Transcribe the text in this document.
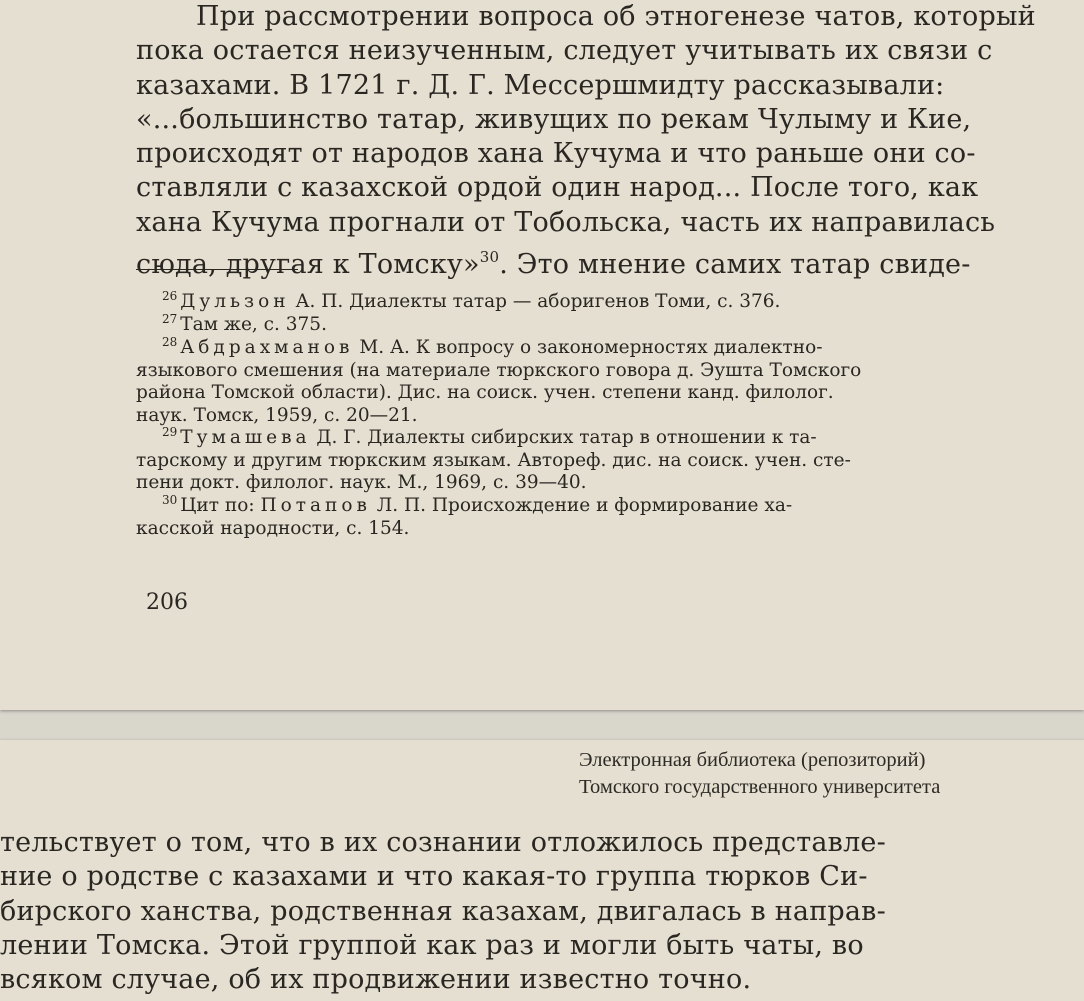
При рассмотрении вопроса об этногенезе чатов, который
пока остается неизученным, следует учитывать их связи с
казахами. В 1721 г. Д. Г. Мессершмидту рассказывали:
«...большинство татар, живущих по рекам Чулыму и Кие,
происходят от народов хана Кучума и что раньше они со-
ставляли с казахской ордой один народ... После того, как
хана Кучума прогнали от Тобольска, часть их направилась
сюда, другая к Томску»$^{30}$. Это мнение самих татар свиде-
$^{26}$ Дульзон А. П. Диалекты татар — аборигенов Томи, с. 376.
$^{27}$ Там же, с. 375.
$^{28}$ Абдрахманов М. А. К вопросу о закономерностях диалектно-
языкового смешения (на материале тюркского говора д. Эушта Томского
района Томской области). Дис. на соиск. учен. степени канд. филолог.
наук. Томск, 1959, с. 20—21.
$^{29}$ Тумашева Д. Г. Диалекты сибирских татар в отношении к та-
тарскому и другим тюркским языкам. Автореф. дис. на соиск. учен. сте-
пени докт. филолог. наук. М., 1969, с. 39—40.
$^{30}$ Цит по: Потапов Л. П. Происхождение и формирование ха-
касской народности, с. 154.
206
Электронная библиотека (репозиторий)
Томского государственного университета
тельствует о том, что в их сознании отложилось представле-
ние о родстве с казахами и что какая-то группа тюрков Си-
бирского ханства, родственная казахам, двигалась в направ-
лении Томска. Этой группой как раз и могли быть чаты, во
всяком случае, об их продвижении известно точно.
